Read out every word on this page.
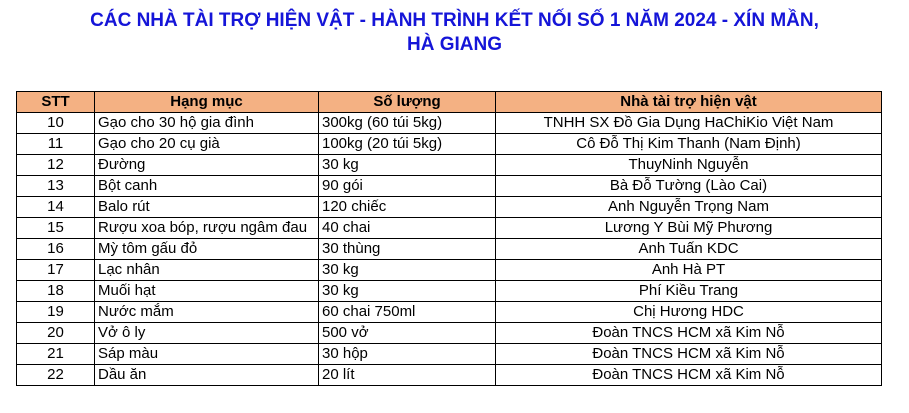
CÁC NHÀ TÀI TRỢ HIỆN VẬT - HÀNH TRÌNH KẾT NỐI SỐ 1 NĂM 2024 - XÍN MẦN,
HÀ GIANG
STT	Hạng mục	Số lượng	Nhà tài trợ hiện vật
10	Gạo cho 30 hộ gia đình	300kg (60 túi 5kg)	TNHH SX Đồ Gia Dụng HaChiKio Việt Nam
11	Gạo cho 20 cụ già	100kg (20 túi 5kg)	Cô Đỗ Thị Kim Thanh (Nam Định)
12	Đường	30 kg	ThuyNinh Nguyễn
13	Bột canh	90 gói	Bà Đỗ Tường (Lào Cai)
14	Balo rút	120 chiếc	Anh Nguyễn Trọng Nam
15	Rượu xoa bóp, rượu ngâm đau	40 chai	Lương Y Bùi Mỹ Phương
16	Mỳ tôm gấu đỏ	30 thùng	Anh Tuấn KDC
17	Lạc nhân	30 kg	Anh Hà PT
18	Muối hạt	30 kg	Phí Kiều Trang
19	Nước mắm	60 chai 750ml	Chị Hương HDC
20	Vở ô ly	500 vở	Đoàn TNCS HCM xã Kim Nỗ
21	Sáp màu	30 hộp	Đoàn TNCS HCM xã Kim Nỗ
22	Dầu ăn	20 lít	Đoàn TNCS HCM xã Kim Nỗ
